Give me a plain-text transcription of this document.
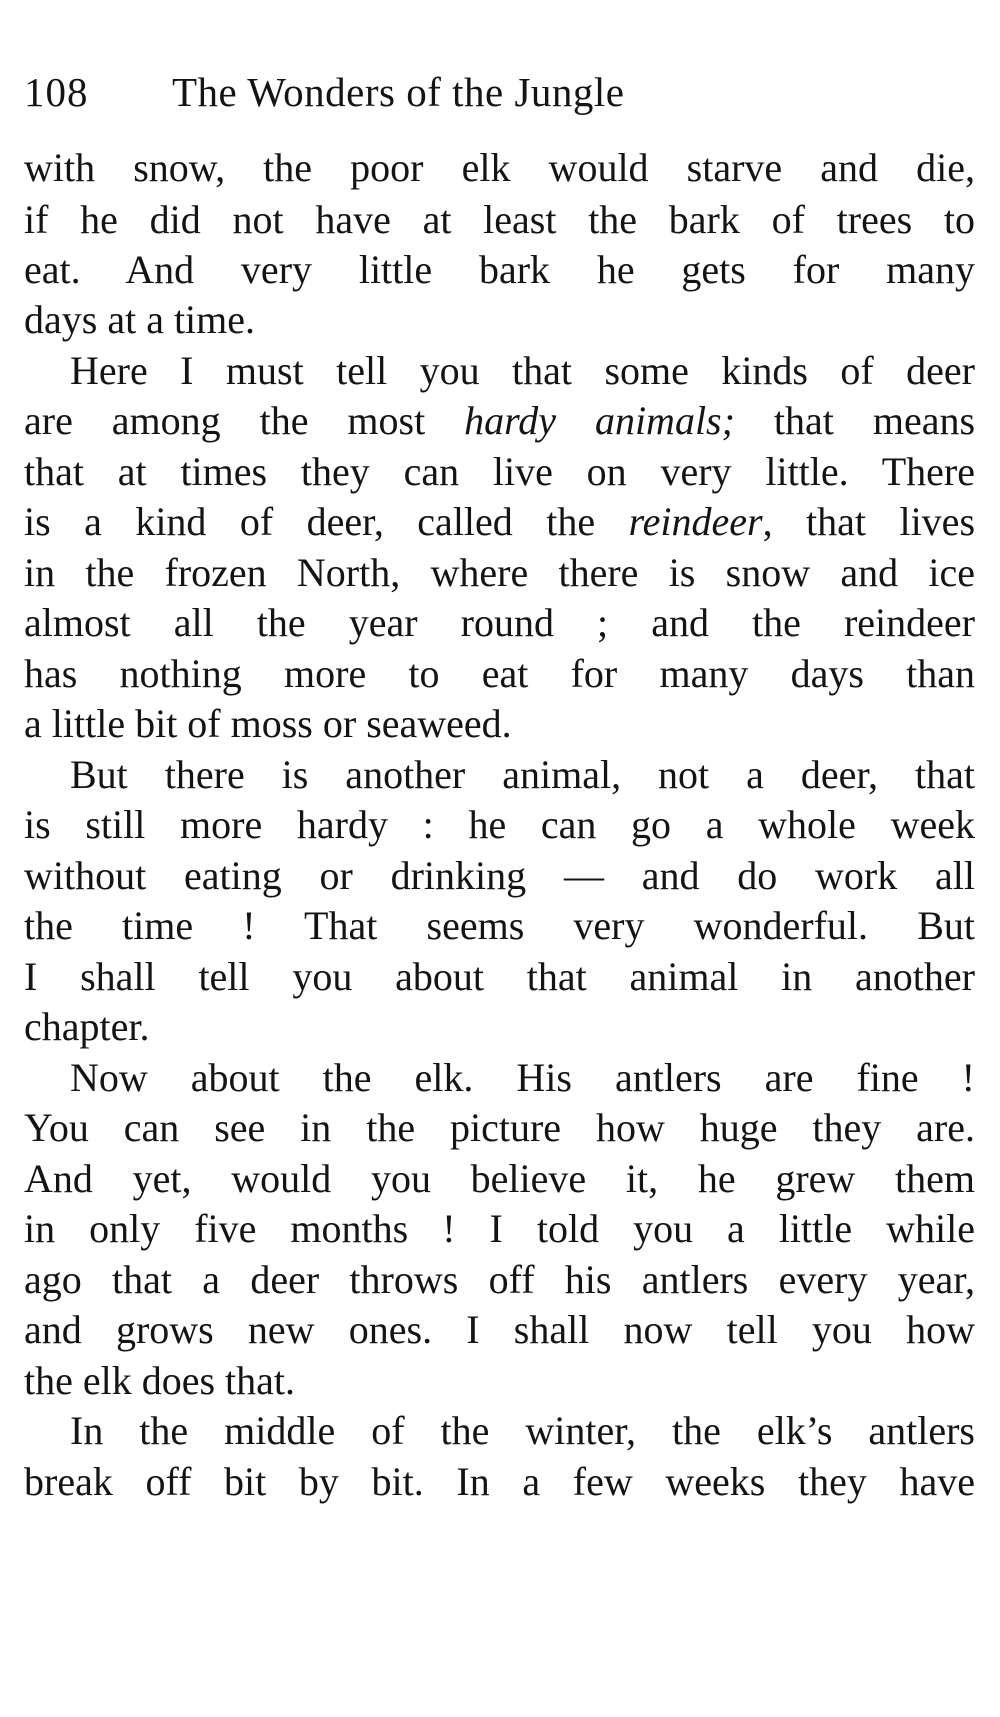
108 The Wonders of the Jungle
with snow, the poor elk would starve and die,
if he did not have at least the bark of trees to
eat. And very little bark he gets for many
days at a time.
Here I must tell you that some kinds of deer
are among the most hardy animals; that means
that at times they can live on very little. There
is a kind of deer, called the reindeer, that lives
in the frozen North, where there is snow and ice
almost all the year round ; and the reindeer
has nothing more to eat for many days than
a little bit of moss or seaweed.
But there is another animal, not a deer, that
is still more hardy : he can go a whole week
without eating or drinking — and do work all
the time ! That seems very wonderful. But
I shall tell you about that animal in another
chapter.
Now about the elk. His antlers are fine !
You can see in the picture how huge they are.
And yet, would you believe it, he grew them
in only five months ! I told you a little while
ago that a deer throws off his antlers every year,
and grows new ones. I shall now tell you how
the elk does that.
In the middle of the winter, the elk’s antlers
break off bit by bit. In a few weeks they have
